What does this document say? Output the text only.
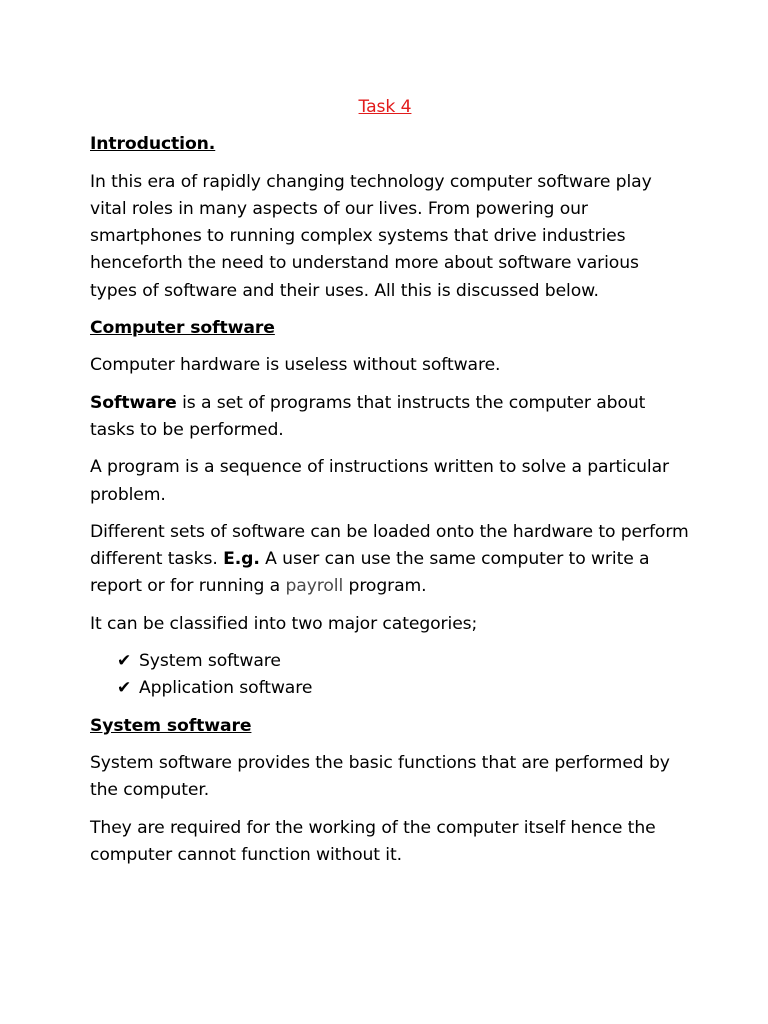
Task 4
Introduction.

In this era of rapidly changing technology computer software play vital roles in many aspects of our lives. From powering our smartphones to running complex systems that drive industries henceforth the need to understand more about software various types of software and their uses. All this is discussed below.

Computer software

Computer hardware is useless without software.

Software is a set of programs that instructs the computer about tasks to be performed.

A program is a sequence of instructions written to solve a particular problem.

Different sets of software can be loaded onto the hardware to perform different tasks. E.g. A user can use the same computer to write a report or for running a payroll program.

It can be classified into two major categories;

✔ System software
✔ Application software
System software

System software provides the basic functions that are performed by the computer.

They are required for the working of the computer itself hence the computer cannot function without it.
